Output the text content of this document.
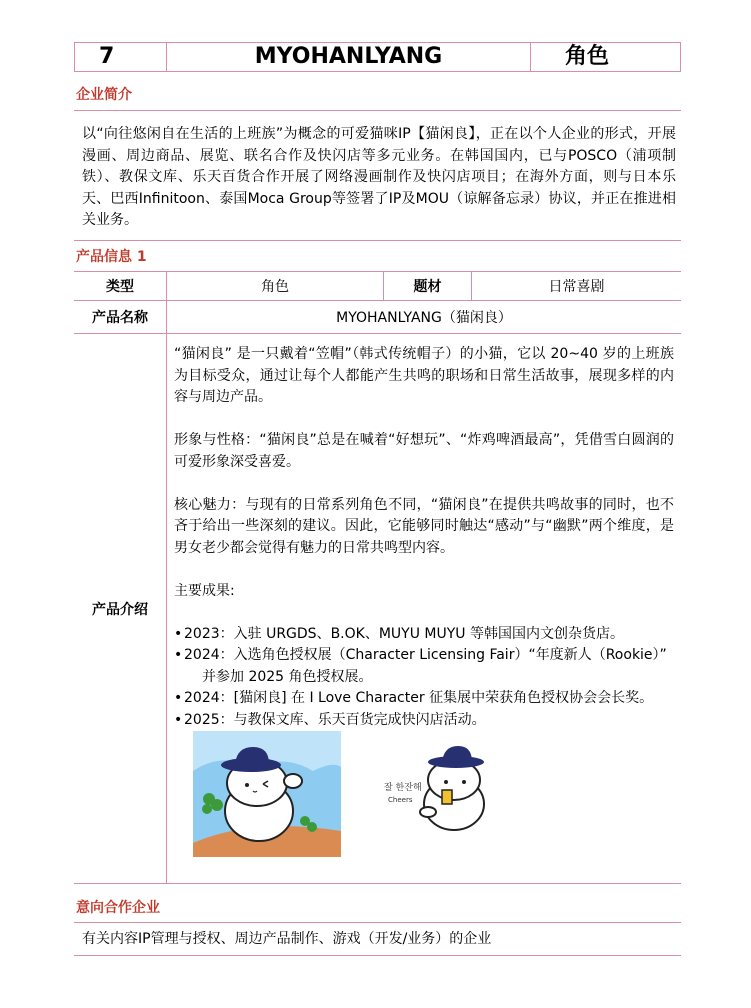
7	MYOHANLYANG	角色
企业简介
以“向往悠闲自在生活的上班族”为概念的可爱猫咪IP【猫闲良】，正在以个人企业的形式，开展漫画、周边商品、展览、联名合作及快闪店等多元业务。在韩国国内，已与POSCO（浦项制铁）、教保文库、乐天百货合作开展了网络漫画制作及快闪店项目；在海外方面，则与日本乐天、巴西Infinitoon、泰国Moca Group等签署了IP及MOU（谅解备忘录）协议，并正在推进相关业务。
产品信息 1
类型	角色	题材	日常喜剧
产品名称	MYOHANLYANG（猫闲良）
产品介绍

“猫闲良” 是一只戴着“笠帽”（韩式传统帽子）的小猫，它以 20~40 岁的上班族为目标受众，通过让每个人都能产生共鸣的职场和日常生活故事，展现多样的内容与周边产品。

形象与性格：“猫闲良”总是在喊着“好想玩”、“炸鸡啤酒最高”，凭借雪白圆润的可爱形象深受喜爱。

核心魅力：与现有的日常系列角色不同，“猫闲良”在提供共鸣故事的同时，也不吝于给出一些深刻的建议。因此，它能够同时触达“感动”与“幽默”两个维度，是男女老少都会觉得有魅力的日常共鸣型内容。

主要成果:

• 2023：入驻 URGDS、B.OK、MUYU MUYU 等韩国国内文创杂货店。
• 2024：入选角色授权展（Character Licensing Fair）“年度新人（Rookie）”
并参加 2025 角色授权展。
• 2024：[猫闲良] 在 I Love Character 征集展中荣获角色授权协会会长奖。
• 2025：与教保文库、乐天百货完成快闪店活动。
잘 한잔해
Cheers
意向合作企业
有关内容IP管理与授权、周边产品制作、游戏（开发/业务）的企业
